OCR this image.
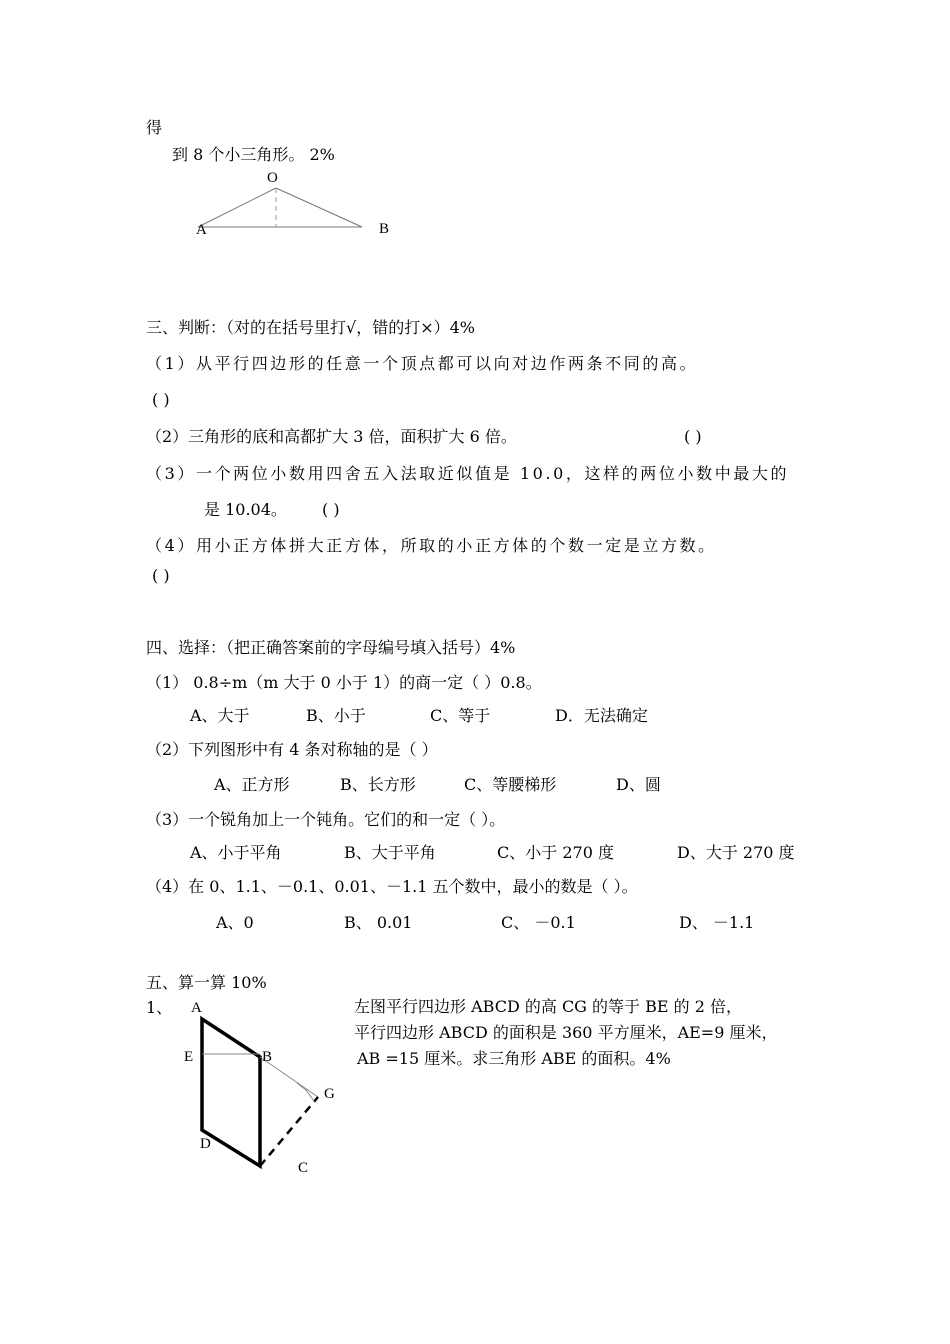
得
到 8 个小三角形。 2%
O
A	B
三、判断：（对的在括号里打√，错的打×）4%
（1）从平行四边形的任意一个顶点都可以向对边作两条不同的高。
( )
（2）三角形的底和高都扩大 3 倍，面积扩大 6 倍。	( )
（3）一个两位小数用四舍五入法取近似值是 10.0，这样的两位小数中最大的
是 10.04。 ( )
（4）用小正方体拼大正方体，所取的小正方体的个数一定是立方数。
( )
四、选择：（把正确答案前的字母编号填入括号）4%
（1） 0.8÷m（m 大于 0 小于 1）的商一定（ ）0.8。
A、大于	B、小于	C、等于	D．无法确定
（2）下列图形中有 4 条对称轴的是（ ）
A、正方形	B、长方形	C、等腰梯形	D、圆
（3）一个锐角加上一个钝角。它们的和一定（ ）。
A、小于平角	B、大于平角	C、小于 270 度	D、大于 270 度
（4）在 0、1.1、－0.1、0.01、－1.1 五个数中，最小的数是（ ）。
A、0	B、 0.01	C、 －0.1	D、 －1.1
五、算一算 10%
1、 A
E	B
G
D
C
左图平行四边形 ABCD 的高 CG 的等于 BE 的 2 倍，
平行四边形 ABCD 的面积是 360 平方厘米，AE=9 厘米，
AB =15 厘米。求三角形 ABE 的面积。4%
